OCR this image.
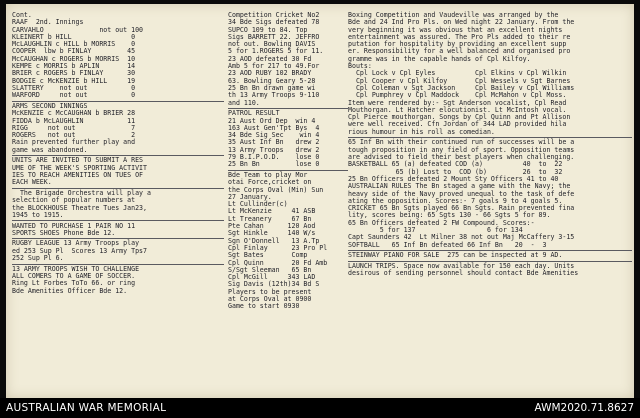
Cont.
RAAF  2nd. Innings
CARVAHLO              not out 100
KLEINERT b HILL               0
McLAUGHLIN c HILL b MORRIS    0
COOPER  lbw b FINLAY         45
McCAUGHAN c ROGERS b MORRIS  10
KEMPE c MORRIS b APLIN       14
BRIER c ROGERS b FINLAY      30
BODGIE c McKENZIE b HILL     19
SLATTERY    not out           0
WARFORD     not out           0
ARMS SECOND INNINGS
McKENZIE c McCAUGHAN b BRIER 28
FIDDA b McLAUGHLIN           11
RIGG     not out              7
ROGERS   not out              2
Rain prevented further play and
game was abandoned.
UNITS ARE INVITED TO SUBMIT A RES
UME OF THE WEEK'S SPORTING ACTIVIT
IES TO REACH AMENITIES ON TUES OF
EACH WEEK.
The Brigade Orchestra will play a
selection of popular numbers at
the BLOCKHOUSE Theatre Tues Jan23,
1945 to 1915.
WANTED TO PURCHASE 1 PAIR NO 11
SPORTS SHOES Phone Bde 12.
RUGBY LEAGUE 13 Army Troops play
ed 253 Sup Pl  Scores 13 Army Tps7
252 Sup Pl 6.
13 ARMY TROOPS WISH TO CHALLENGE
ALL COMERS TO A GAME OF SOCCER.
Ring Lt Forbes ToTo 66. or ring
Bde Amenities Officer Bde 12.
Competition Cricket No2
34 Bde Sigs defeated 78
SUPCO 109 to 84. Top
Sigs BARRETT 22. JEFFRO
not out. Bowling DAVIS
5 for 1.ROGERS 5 for 11.
23 AOD defeated 30 Fd
Amb 5 for 217 to 49.For
23 AOD RUBY 102 BRADY
63. Bowling Geary 5-28
25 Bn Bn drawn game wi
th 13 Army Troops 9-110
and 110.
PATROL RESULT
21 Aust Ord Dep  win 4
163 Aust Gen'Tpt Bys  4
34 Bde Sig Sec    win 4
35 Aust Inf Bn   drew 2
13 Army Troops   drew 2
79 B.I.P.O.D.    lose 0
25 Bn Bn         lose 0
Bde Team to play Mor
otai Force,cricket on
the Corps Oval (Min) Sun
27 January.
Lt Cullinder(c)
Lt McKenzie     41 ASB
Lt Treanery     67 Bn
Pte Cahan      120 Aod
Sgt Hinkle     140 W/s
Sgn O'Donnell   13 A.Tp
Cpl Finlay      23 Pro Pl
Sgt Bates       Comp
Cpl Quinn       20 Fd Amb
S/Sgt Sleeman   65 Bn
Cpl McGill     343 LAD
Sig Davis (12th)34 Bd S
Players to be present
at Corps Oval at 0900
Game to start 0930
Boxing Competition and Vaudeville was arranged by the
Bde and 24 Ind Pro Pls. on Wed night 22 January. From the
very beginning it was obvious that an excellent nights
entertainment was assured. The Pro Pls added to their re
putation for hospitality by providing an excellent supp
er. Responsibility for a well balanced and organised pro
gramme was in the capable hands of Cpl Kilfoy.
Bouts:
Cpl Lock v Cpl Eyles          Cpl Elkins v Cpl Wilkin
Cpl Cooper v Cpl Kilfoy       Cpl Wessels v Sgt Barnes
Cpl Coleman v Sgt Jackson     Cpl Bailey v Cpl Williams
Cpl Pumphrey v Cpl Maddock    Cpl McMahon v Cpl Moss.
Item were rendered by:- Sgt Anderson vocalist, Cpl Read
Mouthorgan. Lt Hatcher elocutionist. Lt McIntosh vocal.
Cpl Pierce mouthorgan. Songs by Cpl Quinn and Pt Allison
were well received. Cfn Jordan of 344 LAD provided hila
rious humour in his roll as comedian.
65 Inf Bn with their continued run of successes will be a
tough proposition in any field of sport. Opposition teams
are advised to field their best players when challenging.
BASKETBALL 65 (a) defeated COD (a)          40  to  22
65 (b) Lost to  COD (b)         26  to  32
25 Bn Officers defeated 2 Mount Sty Officers 41 to 40
AUSTRALIAN RULES The Bn staged a game with the Navy; the
heavy side of the Navy proved unequal to the task of defe
ating the opposition. Scores:- 7 goals 9 to 4 goals 5.
CRICKET 65 Bn Sgts played 66 Bn Sgts. Rain prevented fina
lity, scores being: 65 Sgts 130 - 66 Sgts 5 for 89.
65 Bn Officers defeated 2 FW Compound. Scores:-
5 for 137                  6 for 134
Capt Saunders 42  Lt Milner 38 not out Maj McCaffery 3-15
SOFTBALL   65 Inf Bn defeated 66 Inf Bn   20  -  3
STEINWAY PIANO FOR SALE  275 can be inspected at 9 AD.
LAUNCH TRIPS. Space now available for 150 each day. Units
desirous of sending personnel should contact Bde Amenities
AUSTRALIAN WAR MEMORIAL	AWM2020.71.8627
